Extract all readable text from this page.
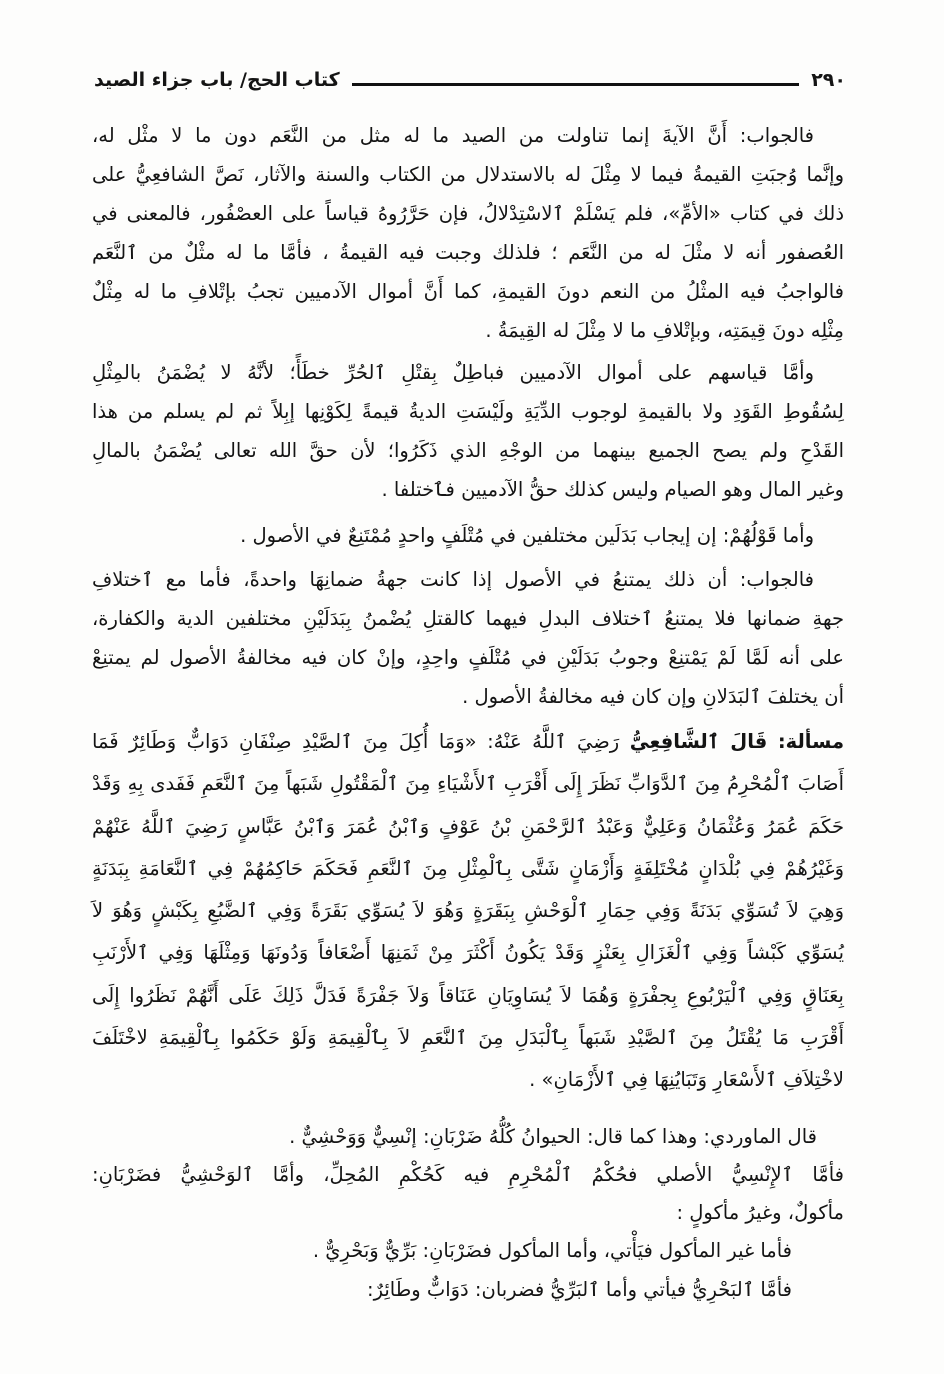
٢٩٠
كتاب الحج/ باب جزاء الصيد
فالجواب: أَنَّ الآيةَ إنما تناولت من الصيد ما له مثل من النَّعَم دون ما لا مثْل له،
وإنَّما وُجبَتِ القيمةُ فيما لا مِثْلَ له بالاستدلال من الكتاب والسنة والآثار، نَصَّ الشافعِيُّ على
ذلك في كتاب «الأمِّ»، فلم يَسْلَمْ ٱلاسْتِدْلالُ، فإن حَرَّرُوهُ قياساً على العصْفُور، فالمعنى في
العُصفور أنه لا مثْلَ له من النَّعَم ؛ فلذلك وجبت فيه القيمةُ ، فأمَّا ما له مثْلٌ من ٱلنَّعَم
فالواجبُ فيه المثْلُ من النعم دونَ القيمةِ، كما أَنَّ أموال الآدميين تجبُ بإتْلافِ ما له مِثْلٌ
مِثْلِه دونَ قِيمَتِه، وبإتْلافِ ما لا مِثْلَ له القِيمَةُ .
وأمَّا قياسهم على أموال الآدميين فباطِلٌ بِقتْلِ ٱلحُرِّ خطَأً؛ لأنَّهُ لا يُضْمَنُ بالمِثْلِ
لِسُقُوطِ القَوَدِ ولا بالقيمةِ لوجوب الدِّيَةِ ولَيْسَتِ الديةُ قيمةً لِكَوْنِها إبِلاً ثم لم يسلم من هذا
القَدْحِ ولم يصح الجميع بينهما من الوجْهِ الذي ذَكَرُوا؛ لأن حقَّ الله تعالى يُضْمَنُ بالمالِ
وغير المال وهو الصيام وليس كذلك حقُّ الآدميين فٱختلفا .
وأما قَوْلُهُمْ: إن إيجاب بَدَلَين مختلفين في مُتْلَفٍ واحدٍ مُمْتَنِعٌ في الأصول .
فالجواب: أن ذلك يمتنعُ في الأصول إذا كانت جهةُ ضمانِهَا واحدةً، فأما مع ٱختلافِ
جهةِ ضمانها فلا يمتنعُ ٱختلاف البدلِ فيهما كالقتلِ يُضْمنُ بِبَدَلَيْنِ مختلفين الدية والكفارة،
على أنه لَمَّا لَمْ يَمْتنِعْ وجوبُ بَدَلَيْنِ في مُتْلَفٍ واحِدٍ، وإنْ كان فيه مخالفةُ الأصول لم يمتنِعْ
أن يختلفَ ٱلبَدَلانِ وإن كان فيه مخالفةُ الأصول .
مسألة: قَالَ ٱلشَّافِعِيُّ رَضِيَ ٱللَّهُ عَنْهُ: «وَمَا أُكِلَ مِنَ ٱلصَّيْدِ صِنْفَانِ دَوَابٌّ وَطَائِرٌ فَمَا
أَصَابَ ٱلْمُحْرِمُ مِنَ ٱلدَّوَابِّ نَظَرَ إِلَى أَقْرَبِ ٱلأَشْيَاءِ مِنَ ٱلْمَقْتُولِ شَبَهاً مِنَ ٱلنَّعَمِ فَفَدى بِهِ وَقَدْ
حَكَمَ عُمَرُ وَعُثْمَانُ وَعَلِيٌّ وَعَبْدُ ٱلرَّحْمَنِ بْنُ عَوْفٍ وَٱبْنُ عُمَرَ وَٱبْنُ عَبَّاسٍ رَضِيَ ٱللَّهُ عَنْهُمْ
وَغَيْرُهُمْ فِي بُلْدَانٍ مُخْتَلِفَةٍ وَأَزْمَانٍ شَتَّى بِٱلْمِثْلِ مِنَ ٱلنَّعَمِ فَحَكَمَ حَاكِمُهُمْ فِي ٱلنَّعَامَةِ بِبَدَنَةٍ
وَهِيَ لاَ تُسَوِّي بَدَنَةً وَفِي حِمَارِ ٱلْوَحْشِ بِبَقَرَةٍ وَهُوَ لاَ يُسَوِّي بَقَرَةً وَفِي ٱلضَّبُعِ بِكَبْشٍ وَهُوَ لاَ
يُسَوِّي كَبْشاً وَفِي ٱلْغَزَالِ بِعَنْزٍ وَقَدْ يَكُونُ أَكْثَرَ مِنْ ثَمَنِهَا أَضْعَافاً وَدُونَهَا وَمِثْلَهَا وَفِي ٱلأَرْنَبِ
بِعَنَاقٍ وَفِي ٱلْيَرْبُوعِ بِجفْرَةٍ وَهُمَا لاَ يُسَاوِيَانِ عَنَاقاً وَلاَ جَفْرَةً فَدَلَّ ذَلِكَ عَلَى أَنَّهُمْ نَظَرُوا إِلَى
أَقْرَبِ مَا يُقْتَلُ مِنَ ٱلصَّيْدِ شَبَهاً بِٱلْبَدَلِ مِنَ ٱلنَّعَمِ لاَ بِٱلْقِيمَةِ وَلَوْ حَكَمُوا بِٱلْقِيمَةِ لاخْتَلَفَ
لاخْتِلاَفِ ٱلأَسْعَارِ وَتَبَايُنِهَا فِي ٱلأَزْمَانِ» .
قال الماوردي: وهذا كما قال: الحيوانُ كُلُّهُ ضَرْبَانِ: إنْسِيٌّ وَوَحْشِيٌّ .
فأمَّا ٱلإِنْسِيُّ الأصلي فحُكْمُ ٱلْمُحْرِمِ فيه كَحُكْمِ المُحِلِّ، وأمَّا ٱلوَحْشِيُّ فضَرْبَانِ:
مأكولٌ، وغيرُ مأكولٍ :
فأما غير المأكول فيَأْتي، وأما المأكول فضَرْبَانِ: بَرِّيٌّ وَبَحْرِيٌّ .
فأمَّا ٱلبَحْرِيُّ فيأتي وأما ٱلبَرِّيُّ فضربان: دَوَابٌّ وطَائِرٌ:
